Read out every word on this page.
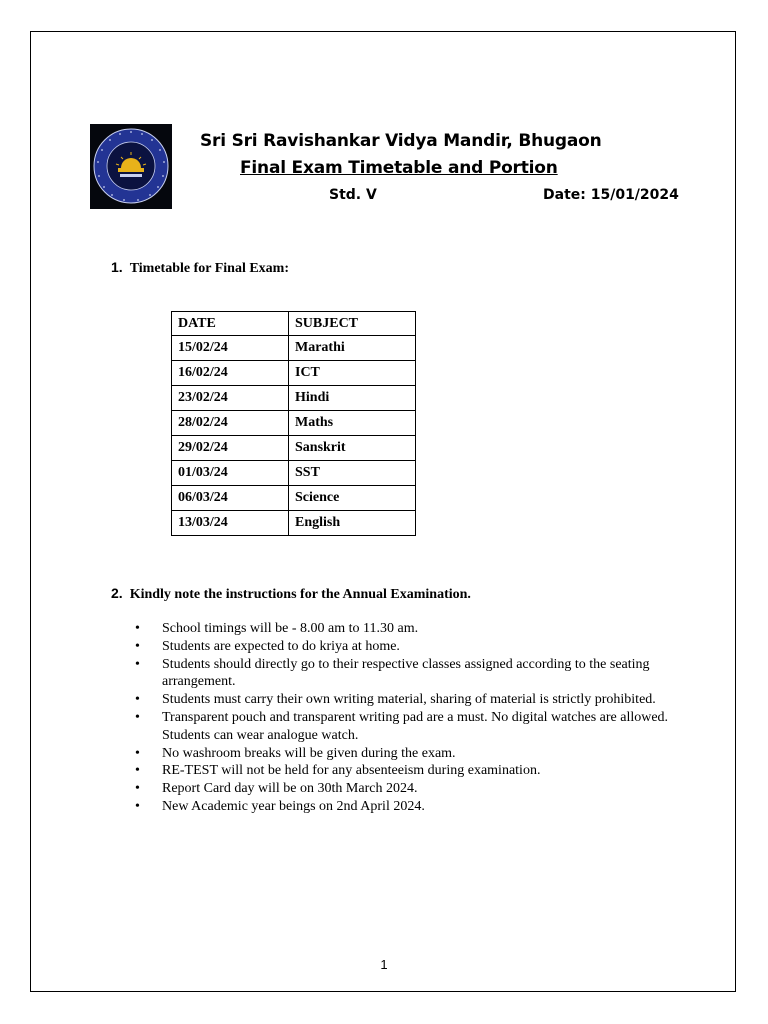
Sri Sri Ravishankar Vidya Mandir, Bhugaon
Final Exam Timetable and Portion
Std. V	Date: 15/01/2024
1. Timetable for Final Exam:
DATE	SUBJECT
15/02/24	Marathi
16/02/24	ICT
23/02/24	Hindi
28/02/24	Maths
29/02/24	Sanskrit
01/03/24	SST
06/03/24	Science
13/03/24	English
2. Kindly note the instructions for the Annual Examination.
• School timings will be - 8.00 am to 11.30 am.
• Students are expected to do kriya at home.
• Students should directly go to their respective classes assigned according to the seating arrangement.
• Students must carry their own writing material, sharing of material is strictly prohibited.
• Transparent pouch and transparent writing pad are a must. No digital watches are allowed. Students can wear analogue watch.
• No washroom breaks will be given during the exam.
• RE-TEST will not be held for any absenteeism during examination.
• Report Card day will be on 30th March 2024.
• New Academic year beings on 2nd April 2024.
1
